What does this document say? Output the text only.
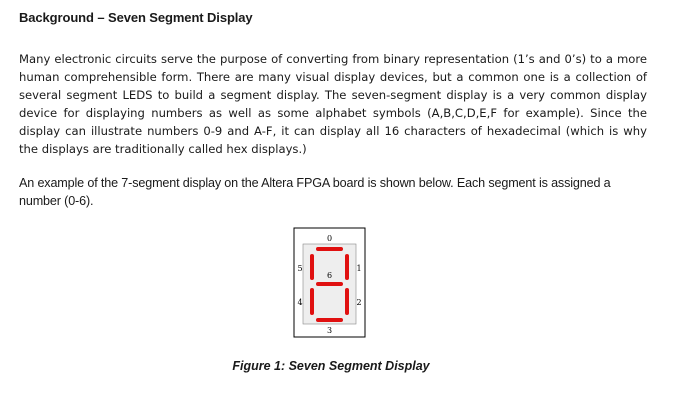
Background – Seven Segment Display

Many electronic circuits serve the purpose of converting from binary representation (1’s and 0’s) to a more human comprehensible form. There are many visual display devices, but a common one is a collection of several segment LEDS to build a segment display. The seven-segment display is a very common display device for displaying numbers as well as some alphabet symbols (A,B,C,D,E,F for example). Since the display can illustrate numbers 0-9 and A-F, it can display all 16 characters of hexadecimal (which is why the displays are traditionally called hex displays.)

An example of the 7-segment display on the Altera FPGA board is shown below. Each segment is assigned a number (0-6).

0
1
2
3
4
5
6
Figure 1: Seven Segment Display
